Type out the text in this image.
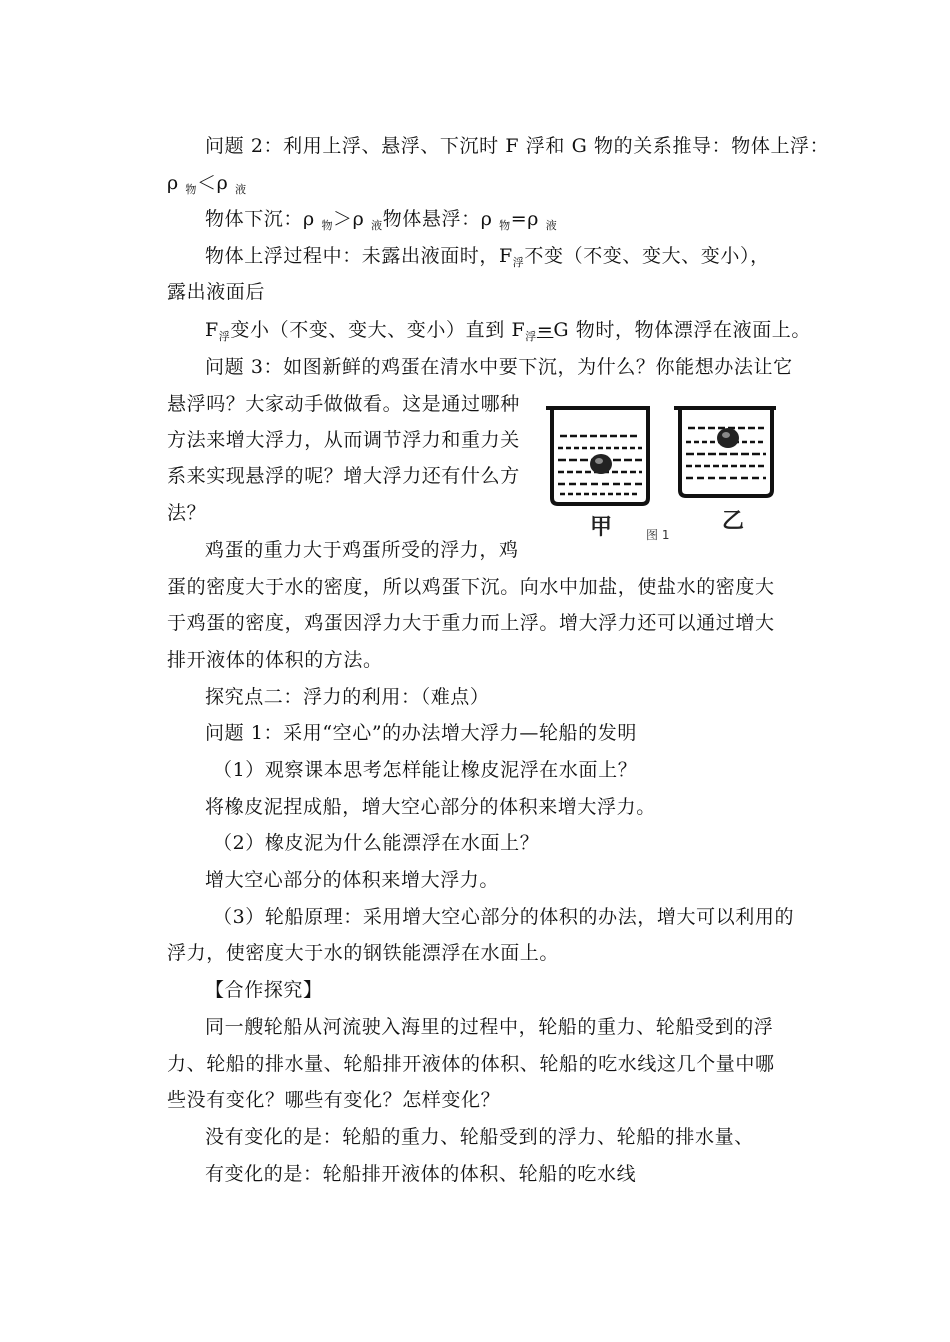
问题 2：利用上浮、悬浮、下沉时 F 浮和 G 物的关系推导：物体上浮：
ρ $_物$＜ρ $_液$
物体下沉：ρ $_物$＞ρ $_液$物体悬浮：ρ $_物$=ρ $_液$
物体上浮过程中：未露出液面时，$F_浮$不变（不变、变大、变小），
露出液面后
$F_浮$变小（不变、变大、变小）直到 $F_浮=G$ 物时，物体漂浮在液面上。
问题 3：如图新鲜的鸡蛋在清水中要下沉，为什么？你能想办法让它
悬浮吗？大家动手做做看。这是通过哪种
方法来增大浮力，从而调节浮力和重力关
系来实现悬浮的呢？增大浮力还有什么方
法？
鸡蛋的重力大于鸡蛋所受的浮力，鸡
蛋的密度大于水的密度，所以鸡蛋下沉。向水中加盐，使盐水的密度大
于鸡蛋的密度，鸡蛋因浮力大于重力而上浮。增大浮力还可以通过增大
排开液体的体积的方法。
甲	图 1
乙
探究点二：浮力的利用：（难点）
问题 1：采用“空心”的办法增大浮力—轮船的发明
（1）观察课本思考怎样能让橡皮泥浮在水面上？
将橡皮泥捏成船，增大空心部分的体积来增大浮力。
（2）橡皮泥为什么能漂浮在水面上？
增大空心部分的体积来增大浮力。
（3）轮船原理：采用增大空心部分的体积的办法，增大可以利用的
浮力，使密度大于水的钢铁能漂浮在水面上。
【合作探究】
同一艘轮船从河流驶入海里的过程中，轮船的重力、轮船受到的浮
力、轮船的排水量、轮船排开液体的体积、轮船的吃水线这几个量中哪
些没有变化？哪些有变化？怎样变化？
没有变化的是：轮船的重力、轮船受到的浮力、轮船的排水量、
有变化的是：轮船排开液体的体积、轮船的吃水线
